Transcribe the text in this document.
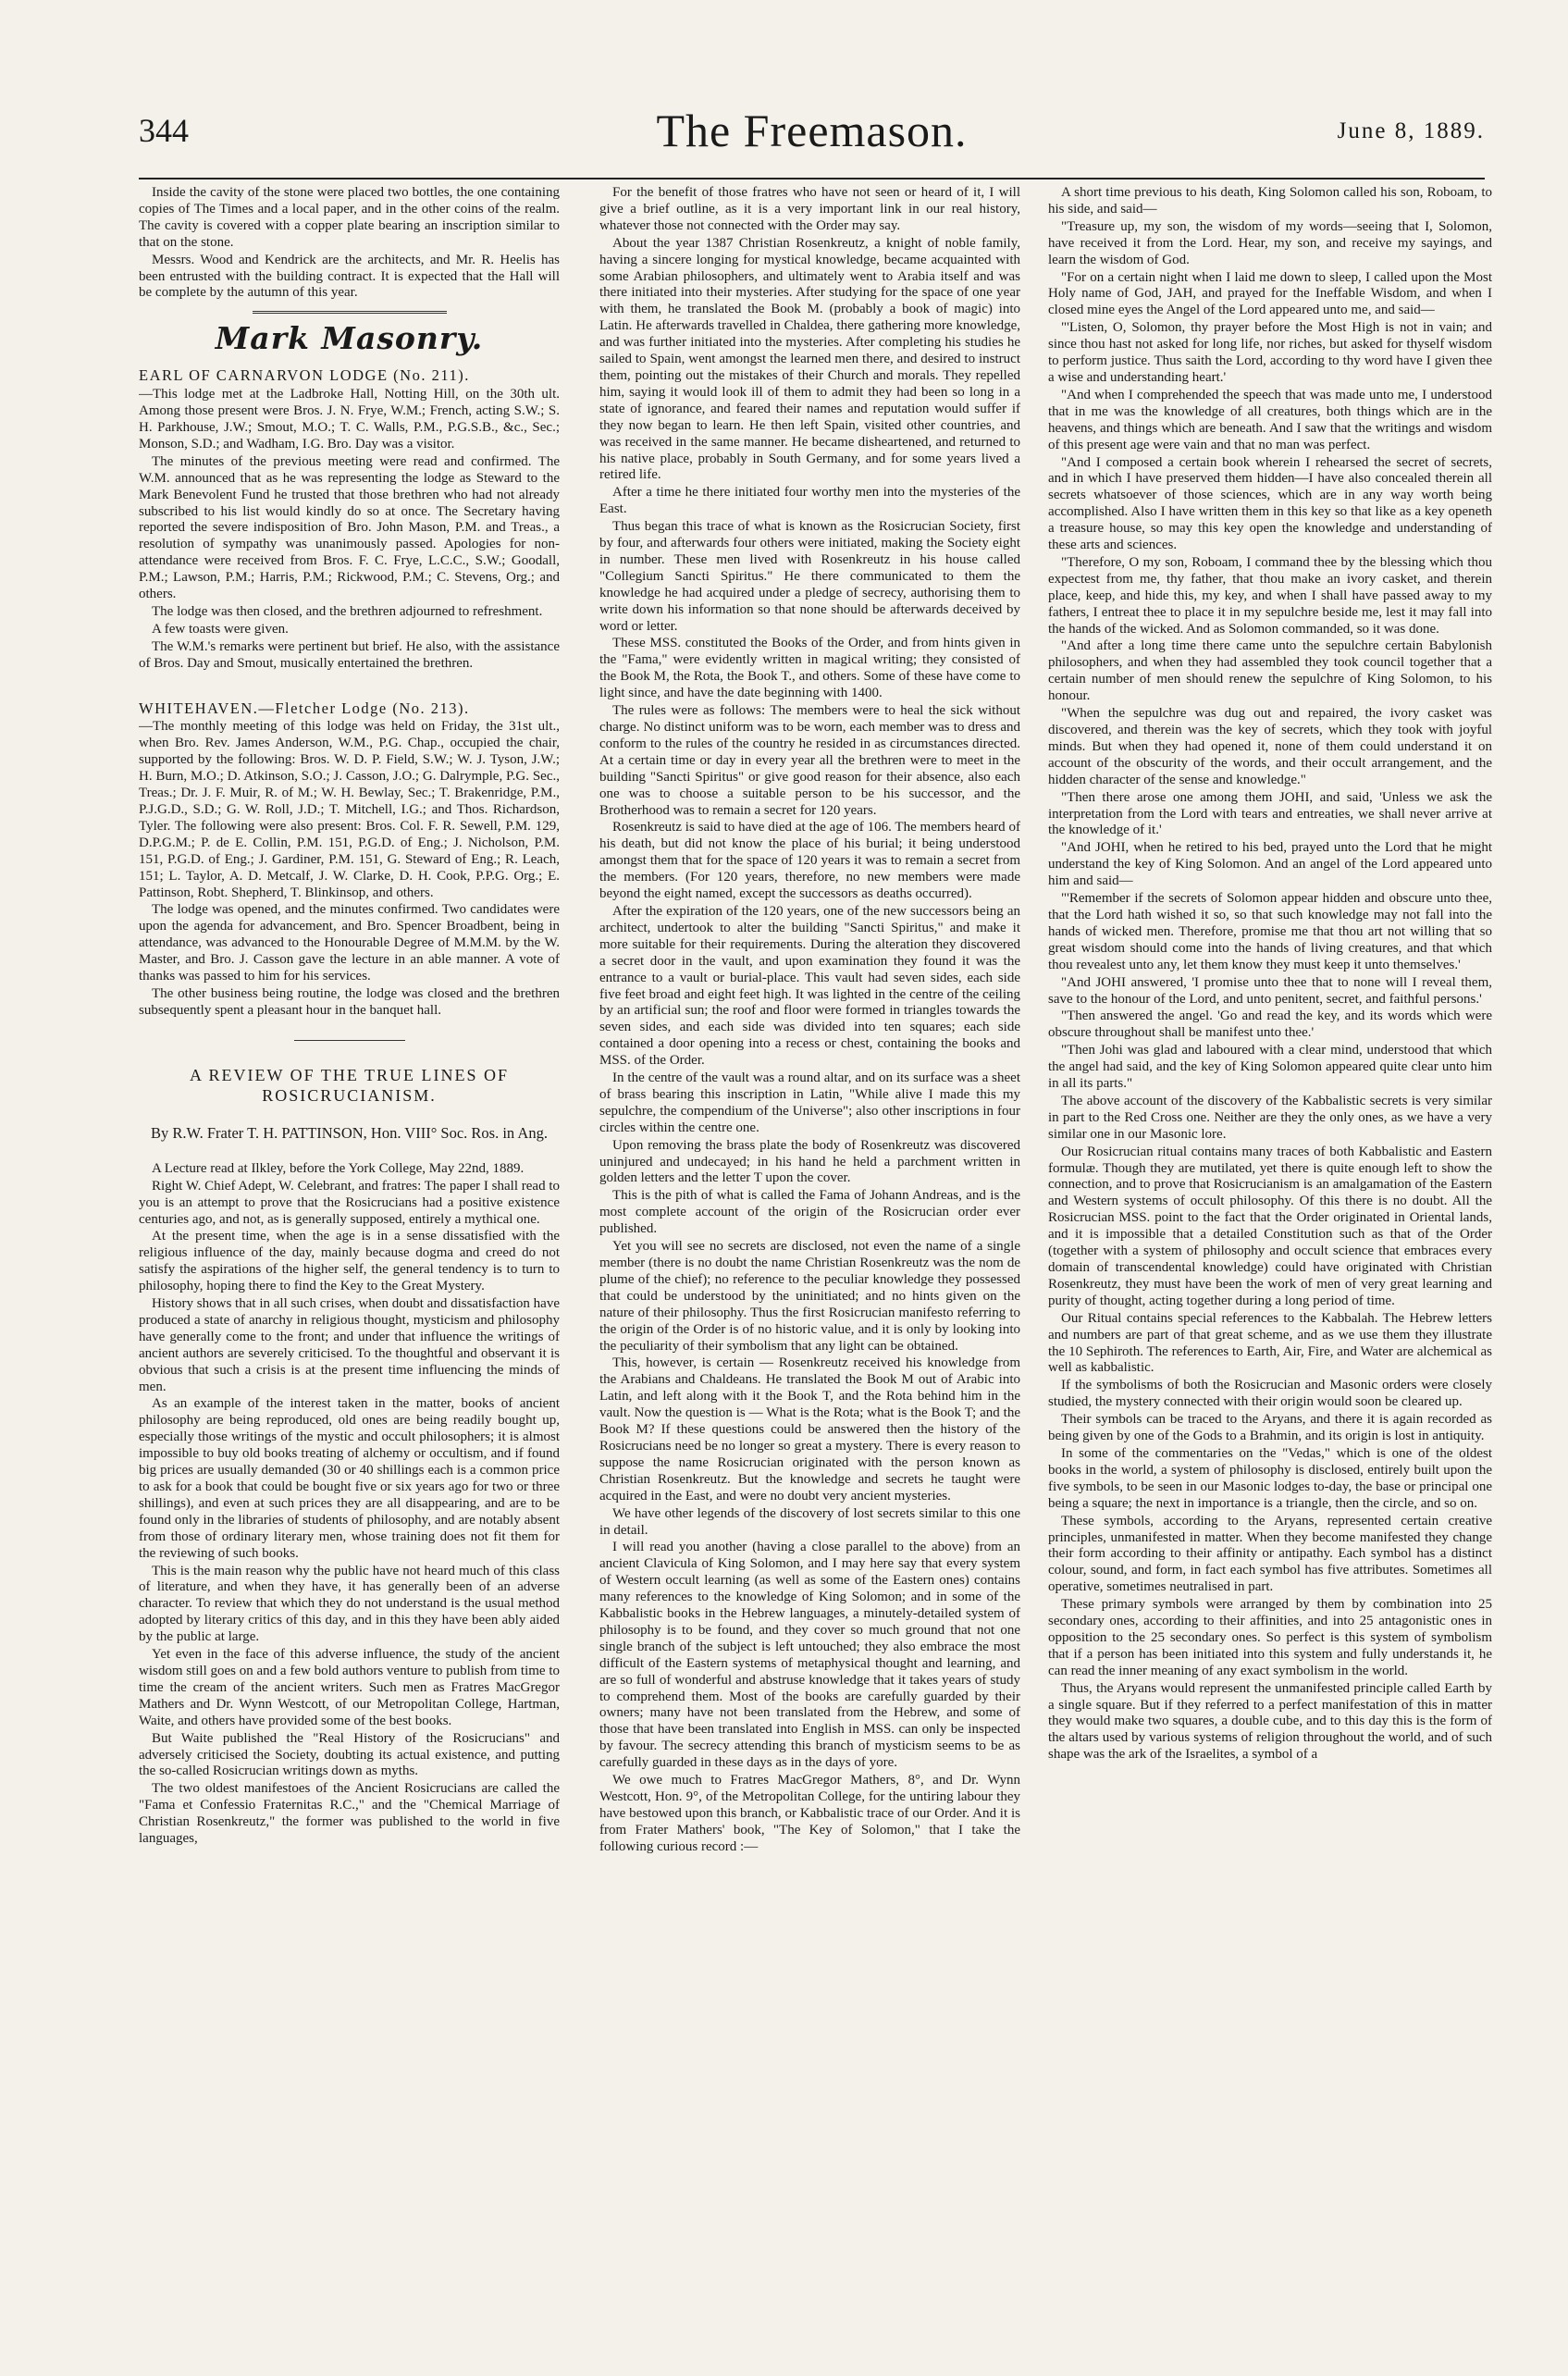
344	The Freemason.	June 8, 1889.

Inside the cavity of the stone were placed two bottles, the one containing copies of The Times and a local paper, and in the other coins of the realm. The cavity is covered with a copper plate bearing an inscription similar to that on the stone.

Messrs. Wood and Kendrick are the architects, and Mr. R. Heelis has been entrusted with the building contract. It is expected that the Hall will be complete by the autumn of this year.

Mark Masonry.

EARL OF CARNARVON LODGE (No. 211).

—This lodge met at the Ladbroke Hall, Notting Hill, on the 30th ult. Among those present were Bros. J. N. Frye, W.M.; French, acting S.W.; S. H. Parkhouse, J.W.; Smout, M.O.; T. C. Walls, P.M., P.G.S.B., &c., Sec.; Monson, S.D.; and Wadham, I.G. Bro. Day was a visitor.

The minutes of the previous meeting were read and confirmed. The W.M. announced that as he was representing the lodge as Steward to the Mark Benevolent Fund he trusted that those brethren who had not already subscribed to his list would kindly do so at once. The Secretary having reported the severe indisposition of Bro. John Mason, P.M. and Treas., a resolution of sympathy was unanimously passed. Apologies for non-attendance were received from Bros. F. C. Frye, L.C.C., S.W.; Goodall, P.M.; Lawson, P.M.; Harris, P.M.; Rickwood, P.M.; C. Stevens, Org.; and others.

The lodge was then closed, and the brethren adjourned to refreshment.

A few toasts were given.

The W.M.'s remarks were pertinent but brief. He also, with the assistance of Bros. Day and Smout, musically entertained the brethren.

WHITEHAVEN.—Fletcher Lodge (No. 213).

—The monthly meeting of this lodge was held on Friday, the 31st ult., when Bro. Rev. James Anderson, W.M., P.G. Chap., occupied the chair, supported by the following: Bros. W. D. P. Field, S.W.; W. J. Tyson, J.W.; H. Burn, M.O.; D. Atkinson, S.O.; J. Casson, J.O.; G. Dalrymple, P.G. Sec., Treas.; Dr. J. F. Muir, R. of M.; W. H. Bewlay, Sec.; T. Brakenridge, P.M., P.J.G.D., S.D.; G. W. Roll, J.D.; T. Mitchell, I.G.; and Thos. Richardson, Tyler. The following were also present: Bros. Col. F. R. Sewell, P.M. 129, D.P.G.M.; P. de E. Collin, P.M. 151, P.G.D. of Eng.; J. Nicholson, P.M. 151, P.G.D. of Eng.; J. Gardiner, P.M. 151, G. Steward of Eng.; R. Leach, 151; L. Taylor, A. D. Metcalf, J. W. Clarke, D. H. Cook, P.P.G. Org.; E. Pattinson, Robt. Shepherd, T. Blinkinsop, and others.

The lodge was opened, and the minutes confirmed. Two candidates were upon the agenda for advancement, and Bro. Spencer Broadbent, being in attendance, was advanced to the Honourable Degree of M.M.M. by the W. Master, and Bro. J. Casson gave the lecture in an able manner. A vote of thanks was passed to him for his services.

The other business being routine, the lodge was closed and the brethren subsequently spent a pleasant hour in the banquet hall.

A REVIEW OF THE TRUE LINES OF ROSICRUCIANISM.
By R.W. Frater T. H. PATTINSON, Hon. VIII° Soc. Ros. in Ang.

A Lecture read at Ilkley, before the York College, May 22nd, 1889.

Right W. Chief Adept, W. Celebrant, and fratres: The paper I shall read to you is an attempt to prove that the Rosicrucians had a positive existence centuries ago, and not, as is generally supposed, entirely a mythical one.

At the present time, when the age is in a sense dissatisfied with the religious influence of the day, mainly because dogma and creed do not satisfy the aspirations of the higher self, the general tendency is to turn to philosophy, hoping there to find the Key to the Great Mystery.

History shows that in all such crises, when doubt and dissatisfaction have produced a state of anarchy in religious thought, mysticism and philosophy have generally come to the front; and under that influence the writings of ancient authors are severely criticised. To the thoughtful and observant it is obvious that such a crisis is at the present time influencing the minds of men.

As an example of the interest taken in the matter, books of ancient philosophy are being reproduced, old ones are being readily bought up, especially those writings of the mystic and occult philosophers; it is almost impossible to buy old books treating of alchemy or occultism, and if found big prices are usually demanded (30 or 40 shillings each is a common price to ask for a book that could be bought five or six years ago for two or three shillings), and even at such prices they are all disappearing, and are to be found only in the libraries of students of philosophy, and are notably absent from those of ordinary literary men, whose training does not fit them for the reviewing of such books.

This is the main reason why the public have not heard much of this class of literature, and when they have, it has generally been of an adverse character. To review that which they do not understand is the usual method adopted by literary critics of this day, and in this they have been ably aided by the public at large.

Yet even in the face of this adverse influence, the study of the ancient wisdom still goes on and a few bold authors venture to publish from time to time the cream of the ancient writers. Such men as Fratres MacGregor Mathers and Dr. Wynn Westcott, of our Metropolitan College, Hartman, Waite, and others have provided some of the best books.

But Waite published the "Real History of the Rosicrucians" and adversely criticised the Society, doubting its actual existence, and putting the so-called Rosicrucian writings down as myths.

The two oldest manifestoes of the Ancient Rosicrucians are called the "Fama et Confessio Fraternitas R.C.," and the "Chemical Marriage of Christian Rosenkreutz," the former was published to the world in five languages,

For the benefit of those fratres who have not seen or heard of it, I will give a brief outline, as it is a very important link in our real history, whatever those not connected with the Order may say.

About the year 1387 Christian Rosenkreutz, a knight of noble family, having a sincere longing for mystical knowledge, became acquainted with some Arabian philosophers, and ultimately went to Arabia itself and was there initiated into their mysteries. After studying for the space of one year with them, he translated the Book M. (probably a book of magic) into Latin. He afterwards travelled in Chaldea, there gathering more knowledge, and was further initiated into the mysteries. After completing his studies he sailed to Spain, went amongst the learned men there, and desired to instruct them, pointing out the mistakes of their Church and morals. They repelled him, saying it would look ill of them to admit they had been so long in a state of ignorance, and feared their names and reputation would suffer if they now began to learn. He then left Spain, visited other countries, and was received in the same manner. He became disheartened, and returned to his native place, probably in South Germany, and for some years lived a retired life.

After a time he there initiated four worthy men into the mysteries of the East.

Thus began this trace of what is known as the Rosicrucian Society, first by four, and afterwards four others were initiated, making the Society eight in number. These men lived with Rosenkreutz in his house called "Collegium Sancti Spiritus." He there communicated to them the knowledge he had acquired under a pledge of secrecy, authorising them to write down his information so that none should be afterwards deceived by word or letter.

These MSS. constituted the Books of the Order, and from hints given in the "Fama," were evidently written in magical writing; they consisted of the Book M, the Rota, the Book T., and others. Some of these have come to light since, and have the date beginning with 1400.

The rules were as follows: The members were to heal the sick without charge. No distinct uniform was to be worn, each member was to dress and conform to the rules of the country he resided in as circumstances directed. At a certain time or day in every year all the brethren were to meet in the building "Sancti Spiritus" or give good reason for their absence, also each one was to choose a suitable person to be his successor, and the Brotherhood was to remain a secret for 120 years.

Rosenkreutz is said to have died at the age of 106. The members heard of his death, but did not know the place of his burial; it being understood amongst them that for the space of 120 years it was to remain a secret from the members. (For 120 years, therefore, no new members were made beyond the eight named, except the successors as deaths occurred).

After the expiration of the 120 years, one of the new successors being an architect, undertook to alter the building "Sancti Spiritus," and make it more suitable for their requirements. During the alteration they discovered a secret door in the vault, and upon examination they found it was the entrance to a vault or burial-place. This vault had seven sides, each side five feet broad and eight feet high. It was lighted in the centre of the ceiling by an artificial sun; the roof and floor were formed in triangles towards the seven sides, and each side was divided into ten squares; each side contained a door opening into a recess or chest, containing the books and MSS. of the Order.

In the centre of the vault was a round altar, and on its surface was a sheet of brass bearing this inscription in Latin, "While alive I made this my sepulchre, the compendium of the Universe"; also other inscriptions in four circles within the centre one.

Upon removing the brass plate the body of Rosenkreutz was discovered uninjured and undecayed; in his hand he held a parchment written in golden letters and the letter T upon the cover.

This is the pith of what is called the Fama of Johann Andreas, and is the most complete account of the origin of the Rosicrucian order ever published.

Yet you will see no secrets are disclosed, not even the name of a single member (there is no doubt the name Christian Rosenkreutz was the nom de plume of the chief); no reference to the peculiar knowledge they possessed that could be understood by the uninitiated; and no hints given on the nature of their philosophy. Thus the first Rosicrucian manifesto referring to the origin of the Order is of no historic value, and it is only by looking into the peculiarity of their symbolism that any light can be obtained.

This, however, is certain — Rosenkreutz received his knowledge from the Arabians and Chaldeans. He translated the Book M out of Arabic into Latin, and left along with it the Book T, and the Rota behind him in the vault. Now the question is — What is the Rota; what is the Book T; and the Book M? If these questions could be answered then the history of the Rosicrucians need be no longer so great a mystery. There is every reason to suppose the name Rosicrucian originated with the person known as Christian Rosenkreutz. But the knowledge and secrets he taught were acquired in the East, and were no doubt very ancient mysteries.

We have other legends of the discovery of lost secrets similar to this one in detail.

I will read you another (having a close parallel to the above) from an ancient Clavicula of King Solomon, and I may here say that every system of Western occult learning (as well as some of the Eastern ones) contains many references to the knowledge of King Solomon; and in some of the Kabbalistic books in the Hebrew languages, a minutely-detailed system of philosophy is to be found, and they cover so much ground that not one single branch of the subject is left untouched; they also embrace the most difficult of the Eastern systems of metaphysical thought and learning, and are so full of wonderful and abstruse knowledge that it takes years of study to comprehend them. Most of the books are carefully guarded by their owners; many have not been translated from the Hebrew, and some of those that have been translated into English in MSS. can only be inspected by favour. The secrecy attending this branch of mysticism seems to be as carefully guarded in these days as in the days of yore.

We owe much to Fratres MacGregor Mathers, 8°, and Dr. Wynn Westcott, Hon. 9°, of the Metropolitan College, for the untiring labour they have bestowed upon this branch, or Kabbalistic trace of our Order. And it is from Frater Mathers' book, "The Key of Solomon," that I take the following curious record :—

A short time previous to his death, King Solomon called his son, Roboam, to his side, and said—

"Treasure up, my son, the wisdom of my words—seeing that I, Solomon, have received it from the Lord. Hear, my son, and receive my sayings, and learn the wisdom of God.

"For on a certain night when I laid me down to sleep, I called upon the Most Holy name of God, JAH, and prayed for the Ineffable Wisdom, and when I closed mine eyes the Angel of the Lord appeared unto me, and said—

"'Listen, O, Solomon, thy prayer before the Most High is not in vain; and since thou hast not asked for long life, nor riches, but asked for thyself wisdom to perform justice. Thus saith the Lord, according to thy word have I given thee a wise and understanding heart.'

"And when I comprehended the speech that was made unto me, I understood that in me was the knowledge of all creatures, both things which are in the heavens, and things which are beneath. And I saw that the writings and wisdom of this present age were vain and that no man was perfect.

"And I composed a certain book wherein I rehearsed the secret of secrets, and in which I have preserved them hidden—I have also concealed therein all secrets whatsoever of those sciences, which are in any way worth being accomplished. Also I have written them in this key so that like as a key openeth a treasure house, so may this key open the knowledge and understanding of these arts and sciences.

"Therefore, O my son, Roboam, I command thee by the blessing which thou expectest from me, thy father, that thou make an ivory casket, and therein place, keep, and hide this, my key, and when I shall have passed away to my fathers, I entreat thee to place it in my sepulchre beside me, lest it may fall into the hands of the wicked. And as Solomon commanded, so it was done.

"And after a long time there came unto the sepulchre certain Babylonish philosophers, and when they had assembled they took council together that a certain number of men should renew the sepulchre of King Solomon, to his honour.

"When the sepulchre was dug out and repaired, the ivory casket was discovered, and therein was the key of secrets, which they took with joyful minds. But when they had opened it, none of them could understand it on account of the obscurity of the words, and their occult arrangement, and the hidden character of the sense and knowledge."

"Then there arose one among them JOHI, and said, 'Unless we ask the interpretation from the Lord with tears and entreaties, we shall never arrive at the knowledge of it.'

"And JOHI, when he retired to his bed, prayed unto the Lord that he might understand the key of King Solomon. And an angel of the Lord appeared unto him and said—

"'Remember if the secrets of Solomon appear hidden and obscure unto thee, that the Lord hath wished it so, so that such knowledge may not fall into the hands of wicked men. Therefore, promise me that thou art not willing that so great wisdom should come into the hands of living creatures, and that which thou revealest unto any, let them know they must keep it unto themselves.'

"And JOHI answered, 'I promise unto thee that to none will I reveal them, save to the honour of the Lord, and unto penitent, secret, and faithful persons.'

"Then answered the angel. 'Go and read the key, and its words which were obscure throughout shall be manifest unto thee.'

"Then Johi was glad and laboured with a clear mind, understood that which the angel had said, and the key of King Solomon appeared quite clear unto him in all its parts."

The above account of the discovery of the Kabbalistic secrets is very similar in part to the Red Cross one. Neither are they the only ones, as we have a very similar one in our Masonic lore.

Our Rosicrucian ritual contains many traces of both Kabbalistic and Eastern formulæ. Though they are mutilated, yet there is quite enough left to show the connection, and to prove that Rosicrucianism is an amalgamation of the Eastern and Western systems of occult philosophy. Of this there is no doubt. All the Rosicrucian MSS. point to the fact that the Order originated in Oriental lands, and it is impossible that a detailed Constitution such as that of the Order (together with a system of philosophy and occult science that embraces every domain of transcendental knowledge) could have originated with Christian Rosenkreutz, they must have been the work of men of very great learning and purity of thought, acting together during a long period of time.

Our Ritual contains special references to the Kabbalah. The Hebrew letters and numbers are part of that great scheme, and as we use them they illustrate the 10 Sephiroth. The references to Earth, Air, Fire, and Water are alchemical as well as kabbalistic.

If the symbolisms of both the Rosicrucian and Masonic orders were closely studied, the mystery connected with their origin would soon be cleared up.

Their symbols can be traced to the Aryans, and there it is again recorded as being given by one of the Gods to a Brahmin, and its origin is lost in antiquity.

In some of the commentaries on the "Vedas," which is one of the oldest books in the world, a system of philosophy is disclosed, entirely built upon the five symbols, to be seen in our Masonic lodges to-day, the base or principal one being a square; the next in importance is a triangle, then the circle, and so on.

These symbols, according to the Aryans, represented certain creative principles, unmanifested in matter. When they become manifested they change their form according to their affinity or antipathy. Each symbol has a distinct colour, sound, and form, in fact each symbol has five attributes. Sometimes all operative, sometimes neutralised in part.

These primary symbols were arranged by them by combination into 25 secondary ones, according to their affinities, and into 25 antagonistic ones in opposition to the 25 secondary ones. So perfect is this system of symbolism that if a person has been initiated into this system and fully understands it, he can read the inner meaning of any exact symbolism in the world.

Thus, the Aryans would represent the unmanifested principle called Earth by a single square. But if they referred to a perfect manifestation of this in matter they would make two squares, a double cube, and to this day this is the form of the altars used by various systems of religion throughout the world, and of such shape was the ark of the Israelites, a symbol of a
